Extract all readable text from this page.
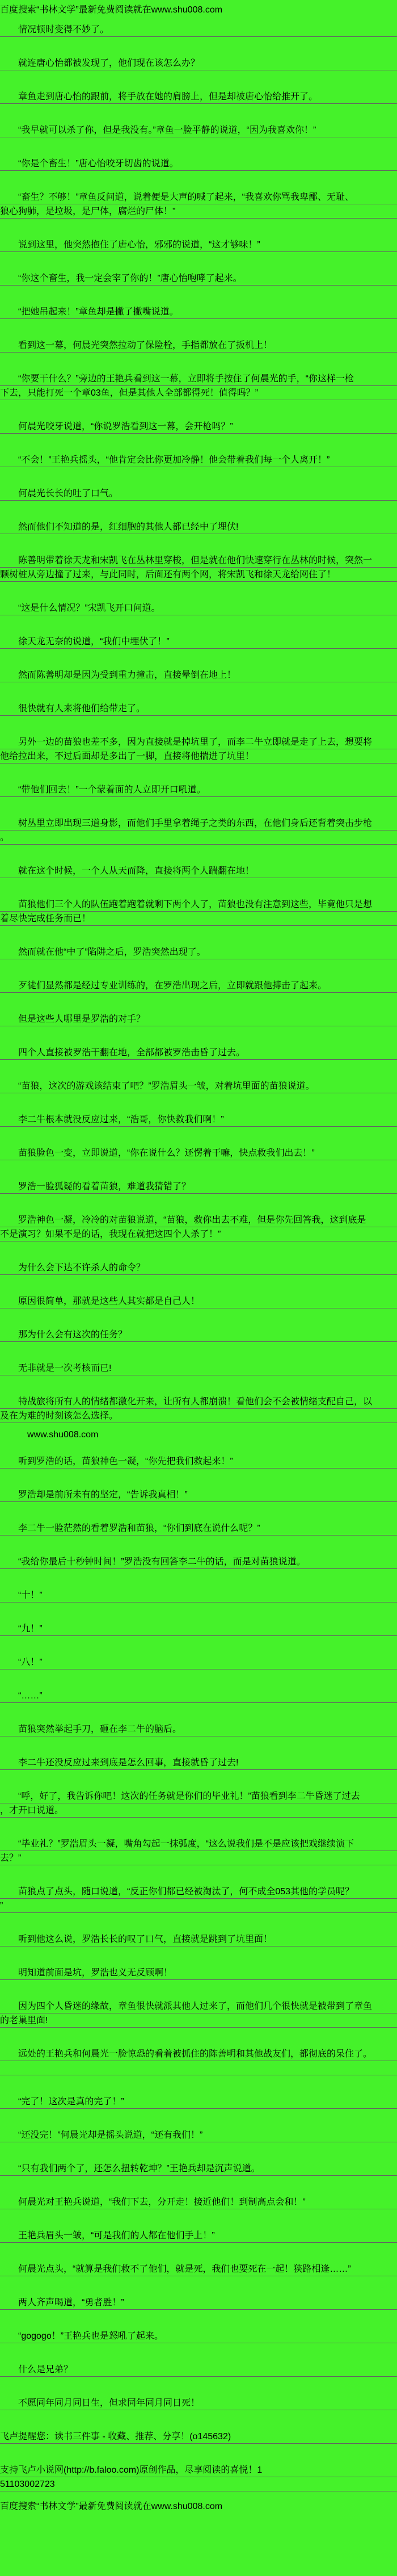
百度搜索“书林文学”最新免费阅读就在www.shu008.com
情况顿时变得不妙了。
就连唐心怡都被发现了，他们现在该怎么办？
章鱼走到唐心怡的跟前，将手放在她的肩膀上，但是却被唐心怡给推开了。
“我早就可以杀了你，但是我没有。”章鱼一脸平静的说道，“因为我喜欢你！”
“你是个畜生！”唐心怡咬牙切齿的说道。
“畜生？不够！”章鱼反问道，说着便是大声的喊了起来，“我喜欢你骂我卑鄙、无耻、
狼心狗肺，是垃圾，是尸体，腐烂的尸体！”
说到这里，他突然抱住了唐心怡，邪邪的说道，“这才够味！”
“你这个畜生，我一定会宰了你的！”唐心怡咆哮了起来。
“把她吊起来！”章鱼却是撇了撇嘴说道。
看到这一幕，何晨光突然拉动了保险栓，手指都放在了扳机上！
“你要干什么？”旁边的王艳兵看到这一幕，立即将手按住了何晨光的手，“你这样一枪
下去，只能打死一个章03鱼，但是其他人全部都得死！值得吗？”
何晨光咬牙说道，“你说罗浩看到这一幕，会开枪吗？”
“不会！”王艳兵摇头，“他肯定会比你更加冷静！他会带着我们每一个人离开！”
何晨光长长的吐了口气。
然而他们不知道的是，红细胞的其他人都已经中了埋伏!
陈善明带着徐天龙和宋凯飞在丛林里穿梭，但是就在他们快速穿行在丛林的时候，突然一
颗树桩从旁边撞了过来，与此同时，后面还有两个网，将宋凯飞和徐天龙给网住了！
“这是什么情况？”宋凯飞开口问道。
徐天龙无奈的说道，“我们中埋伏了！”
然而陈善明却是因为受到重力撞击，直接晕倒在地上！
很快就有人来将他们给带走了。
另外一边的苗狼也差不多，因为直接就是掉坑里了，而李二牛立即就是走了上去，想要将
他给拉出来，不过后面却是多出了一脚，直接将他揣进了坑里！
“带他们回去！”一个蒙着面的人立即开口吼道。
树丛里立即出现三道身影，而他们手里拿着绳子之类的东西，在他们身后还背着突击步枪
。
就在这个时候，一个人从天而降，直接将两个人踹翻在地！
苗狼他们三个人的队伍跑着跑着就剩下两个人了，苗狼也没有注意到这些，毕竟他只是想
着尽快完成任务而已！
然而就在他“中了”陷阱之后，罗浩突然出现了。
歹徒们显然都是经过专业训练的，在罗浩出现之后，立即就跟他搏击了起来。
但是这些人哪里是罗浩的对手？
四个人直接被罗浩干翻在地，全部都被罗浩击昏了过去。
“苗狼，这次的游戏该结束了吧？”罗浩眉头一皱，对着坑里面的苗狼说道。
李二牛根本就没反应过来，“浩哥，你快救我们啊！”
苗狼脸色一变，立即说道，“你在说什么？还愣着干嘛，快点救我们出去！”
罗浩一脸狐疑的看着苗狼，难道我猜错了？
罗浩神色一凝，冷冷的对苗狼说道，“苗狼，救你出去不难，但是你先回答我，这到底是
不是演习？如果不是的话，我现在就把这四个人杀了！”
为什么会下达不许杀人的命令？
原因很简单，那就是这些人其实都是自己人！
那为什么会有这次的任务？
无非就是一次考核而已!
特战旅将所有人的情绪都激化开来，让所有人都崩溃！看他们会不会被情绪支配自己，以
及在为难的时刻该怎么选择。
www.shu008.com
听到罗浩的话，苗狼神色一凝，“你先把我们救起来！”
罗浩却是前所未有的坚定，“告诉我真相！”
李二牛一脸茫然的看着罗浩和苗狼，“你们到底在说什么呢？”
“我给你最后十秒钟时间！”罗浩没有回答李二牛的话，而是对苗狼说道。
“十！”
“九！”
“八！”
“……”
苗狼突然举起手刀，砸在李二牛的脑后。
李二牛还没反应过来到底是怎么回事，直接就昏了过去!
“呼，好了，我告诉你吧！这次的任务就是你们的毕业礼！”苗狼看到李二牛昏迷了过去
，才开口说道。
“毕业礼？”罗浩眉头一凝，嘴角勾起一抹弧度，“这么说我们是不是应该把戏继续演下
去？”
苗狼点了点头，随口说道，“反正你们都已经被淘汰了，何不成全053其他的学员呢？
”
听到他这么说，罗浩长长的叹了口气，直接就是跳到了坑里面！
明知道前面是坑，罗浩也义无反顾啊！
因为四个人昏迷的缘故，章鱼很快就派其他人过来了，而他们几个很快就是被带到了章鱼
的老巢里面!
远处的王艳兵和何晨光一脸惊恐的看着被抓住的陈善明和其他战友们，都彻底的呆住了。
“完了！这次是真的完了！”
“还没完！”何晨光却是摇头说道，“还有我们！”
“只有我们两个了，还怎么扭转乾坤？”王艳兵却是沉声说道。
何晨光对王艳兵说道，“我们下去，分开走！接近他们！到制高点会和！”
王艳兵眉头一皱，“可是我们的人都在他们手上！”
何晨光点头，“就算是我们救不了他们，就是死，我们也要死在一起！狭路相逢……”
两人齐声喝道，“勇者胜！”
“gogogo！”王艳兵也是怒吼了起来。
什么是兄弟？
不愿同年同月同日生，但求同年同月同日死！
飞卢提醒您：读书三件事 - 收藏、推荐、分享！(o145632)
支持飞卢小说网(http://b.faloo.com)原创作品，尽享阅读的喜悦！1
51103002723
百度搜索“书林文学”最新免费阅读就在www.shu008.com
